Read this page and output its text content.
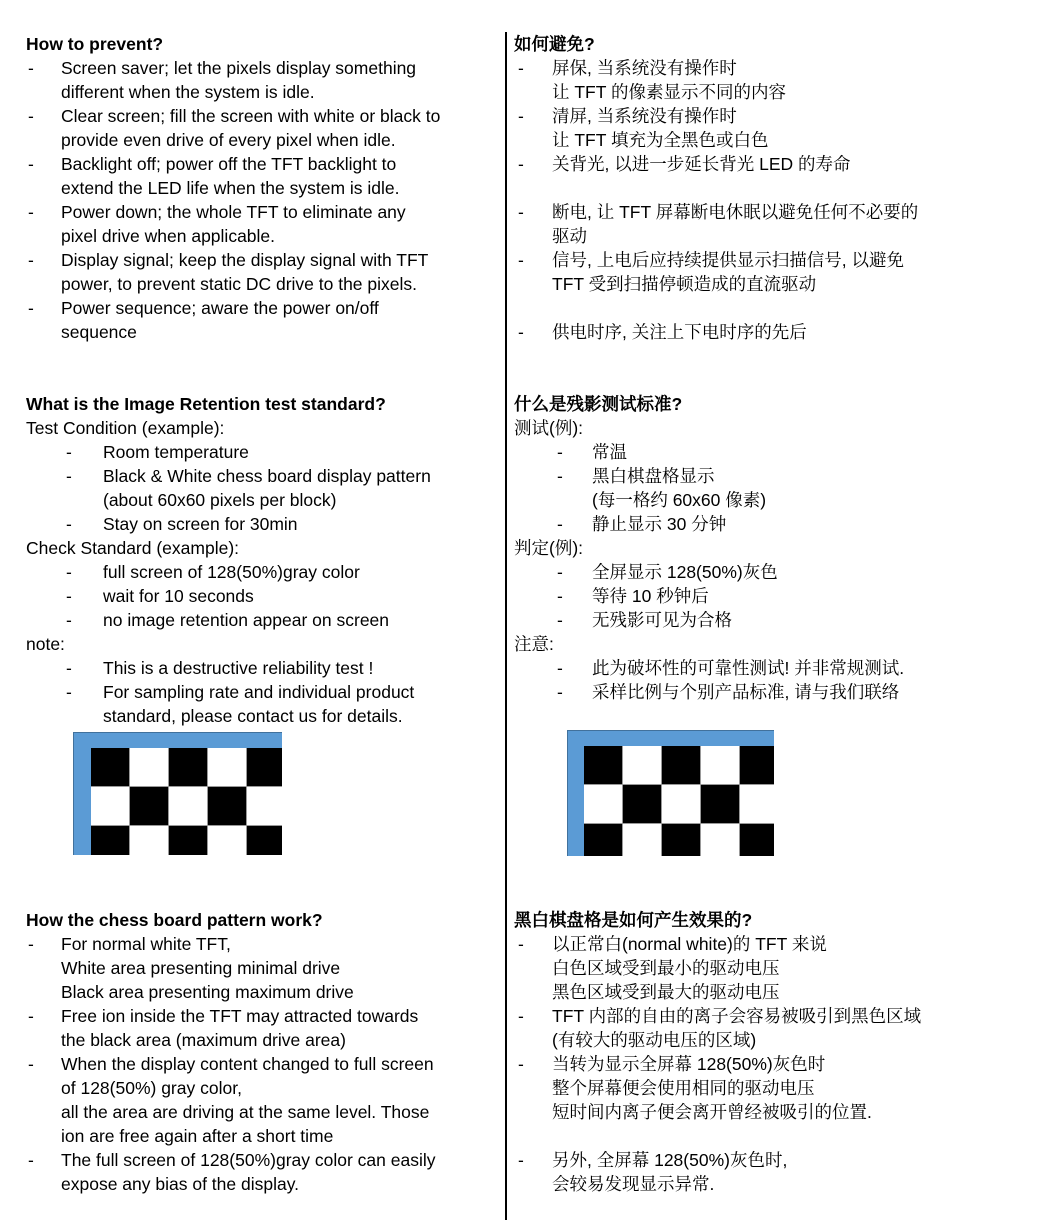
How to prevent?
- Screen saver; let the pixels display something
different when the system is idle.
- Clear screen; fill the screen with white or black to
provide even drive of every pixel when idle.
- Backlight off; power off the TFT backlight to
extend the LED life when the system is idle.
- Power down; the whole TFT to eliminate any
pixel drive when applicable.
- Display signal; keep the display signal with TFT
power, to prevent static DC drive to the pixels.
- Power sequence; aware the power on/off
sequence
What is the Image Retention test standard?
Test Condition (example):
- Room temperature
- Black & White chess board display pattern
(about 60x60 pixels per block)
- Stay on screen for 30min
Check Standard (example):
- full screen of 128(50%)gray color
- wait for 10 seconds
- no image retention appear on screen
note:
- This is a destructive reliability test !
- For sampling rate and individual product
standard, please contact us for details.
How the chess board pattern work?
- For normal white TFT,
White area presenting minimal drive
Black area presenting maximum drive
- Free ion inside the TFT may attracted towards
the black area (maximum drive area)
- When the display content changed to full screen
of 128(50%) gray color,
all the area are driving at the same level. Those
ion are free again after a short time
- The full screen of 128(50%)gray color can easily
expose any bias of the display.
如何避免?
- 屏保, 当系统没有操作时
让 TFT 的像素显示不同的内容
- 清屏, 当系统没有操作时
让 TFT 填充为全黑色或白色
- 关背光, 以进一步延长背光 LED 的寿命
- 断电, 让 TFT 屏幕断电休眠以避免任何不必要的
驱动
- 信号, 上电后应持续提供显示扫描信号, 以避免
TFT 受到扫描停顿造成的直流驱动
- 供电时序, 关注上下电时序的先后
什么是残影测试标准?
测试(例):
- 常温
- 黑白棋盘格显示
(每一格约 60x60 像素)
- 静止显示 30 分钟
判定(例):
- 全屏显示 128(50%)灰色
- 等待 10 秒钟后
- 无残影可见为合格
注意:
- 此为破坏性的可靠性测试! 并非常规测试.
- 采样比例与个别产品标准, 请与我们联络
黑白棋盘格是如何产生效果的?
- 以正常白(normal white)的 TFT 来说
白色区域受到最小的驱动电压
黑色区域受到最大的驱动电压
- TFT 内部的自由的离子会容易被吸引到黑色区域
(有较大的驱动电压的区域)
- 当转为显示全屏幕 128(50%)灰色时
整个屏幕便会使用相同的驱动电压
短时间内离子便会离开曾经被吸引的位置.
- 另外, 全屏幕 128(50%)灰色时,
会较易发现显示异常.
